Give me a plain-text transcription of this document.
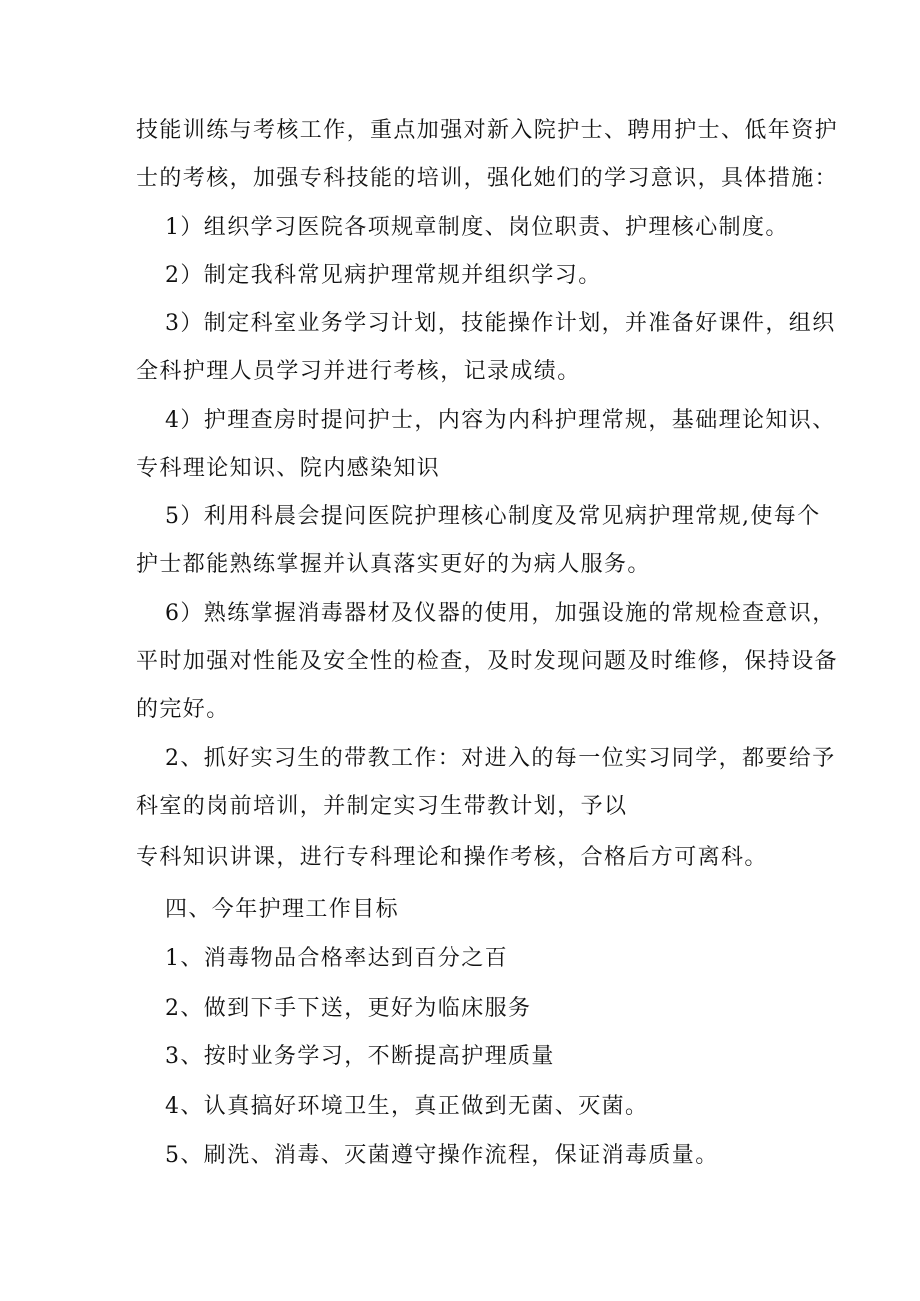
技能训练与考核工作，重点加强对新入院护士、聘用护士、低年资护
士的考核，加强专科技能的培训，强化她们的学习意识，具体措施：
1）组织学习医院各项规章制度、岗位职责、护理核心制度。
2）制定我科常见病护理常规并组织学习。
3）制定科室业务学习计划，技能操作计划，并准备好课件，组织
全科护理人员学习并进行考核，记录成绩。
4）护理查房时提问护士，内容为内科护理常规，基础理论知识、
专科理论知识、院内感染知识
5）利用科晨会提问医院护理核心制度及常见病护理常规,使每个
护士都能熟练掌握并认真落实更好的为病人服务。
6）熟练掌握消毒器材及仪器的使用，加强设施的常规检查意识，
平时加强对性能及安全性的检查，及时发现问题及时维修，保持设备
的完好。
2、抓好实习生的带教工作：对进入的每一位实习同学，都要给予
科室的岗前培训，并制定实习生带教计划，予以
专科知识讲课，进行专科理论和操作考核，合格后方可离科。
四、今年护理工作目标
1、消毒物品合格率达到百分之百
2、做到下手下送，更好为临床服务
3、按时业务学习，不断提高护理质量
4、认真搞好环境卫生，真正做到无菌、灭菌。
5、刷洗、消毒、灭菌遵守操作流程，保证消毒质量。
